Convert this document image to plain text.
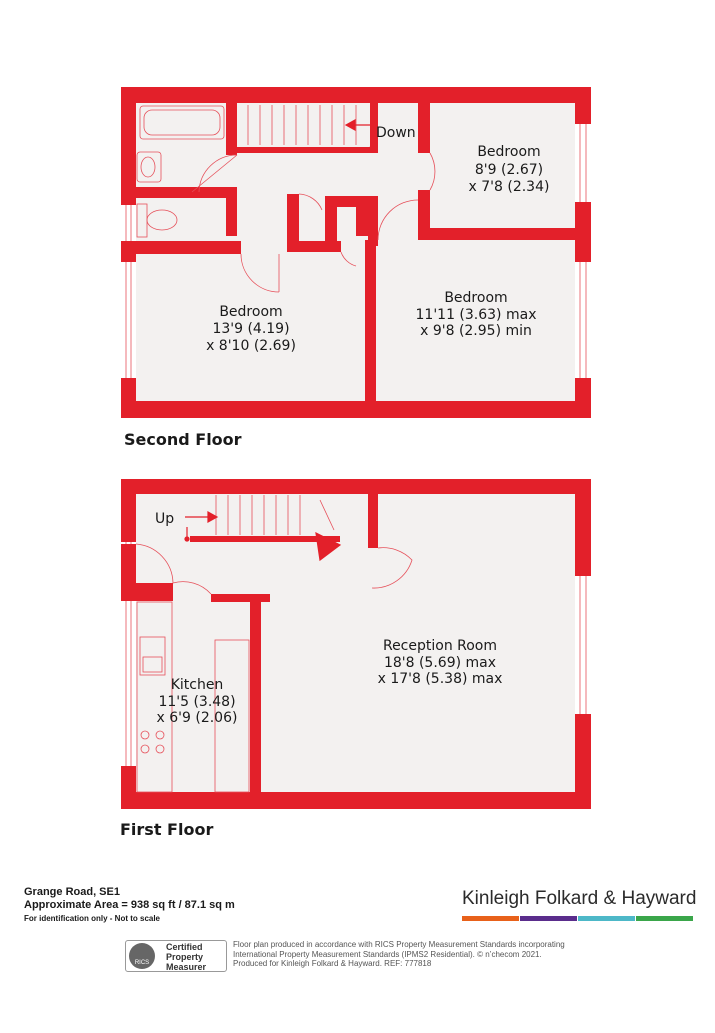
Down
Bedroom
8'9 (2.67)
x 7'8 (2.34)
Bedroom
13'9 (4.19)
x 8'10 (2.69)
Bedroom
11'11 (3.63) max
x 9'8 (2.95) min
Up
Reception Room
18'8 (5.69) max
x 17'8 (5.38) max
Kitchen
11'5 (3.48)
x 6'9 (2.06)
Second Floor
First Floor
Grange Road, SE1
Approximate Area = 938 sq ft / 87.1 sq m
For identification only - Not to scale
Kinleigh Folkard & Hayward
RICS
Certified
Property
Measurer
Floor plan produced in accordance with RICS Property Measurement Standards incorporating
International Property Measurement Standards (IPMS2 Residential). © n’checom 2021.
Produced for Kinleigh Folkard & Hayward. REF: 777818
